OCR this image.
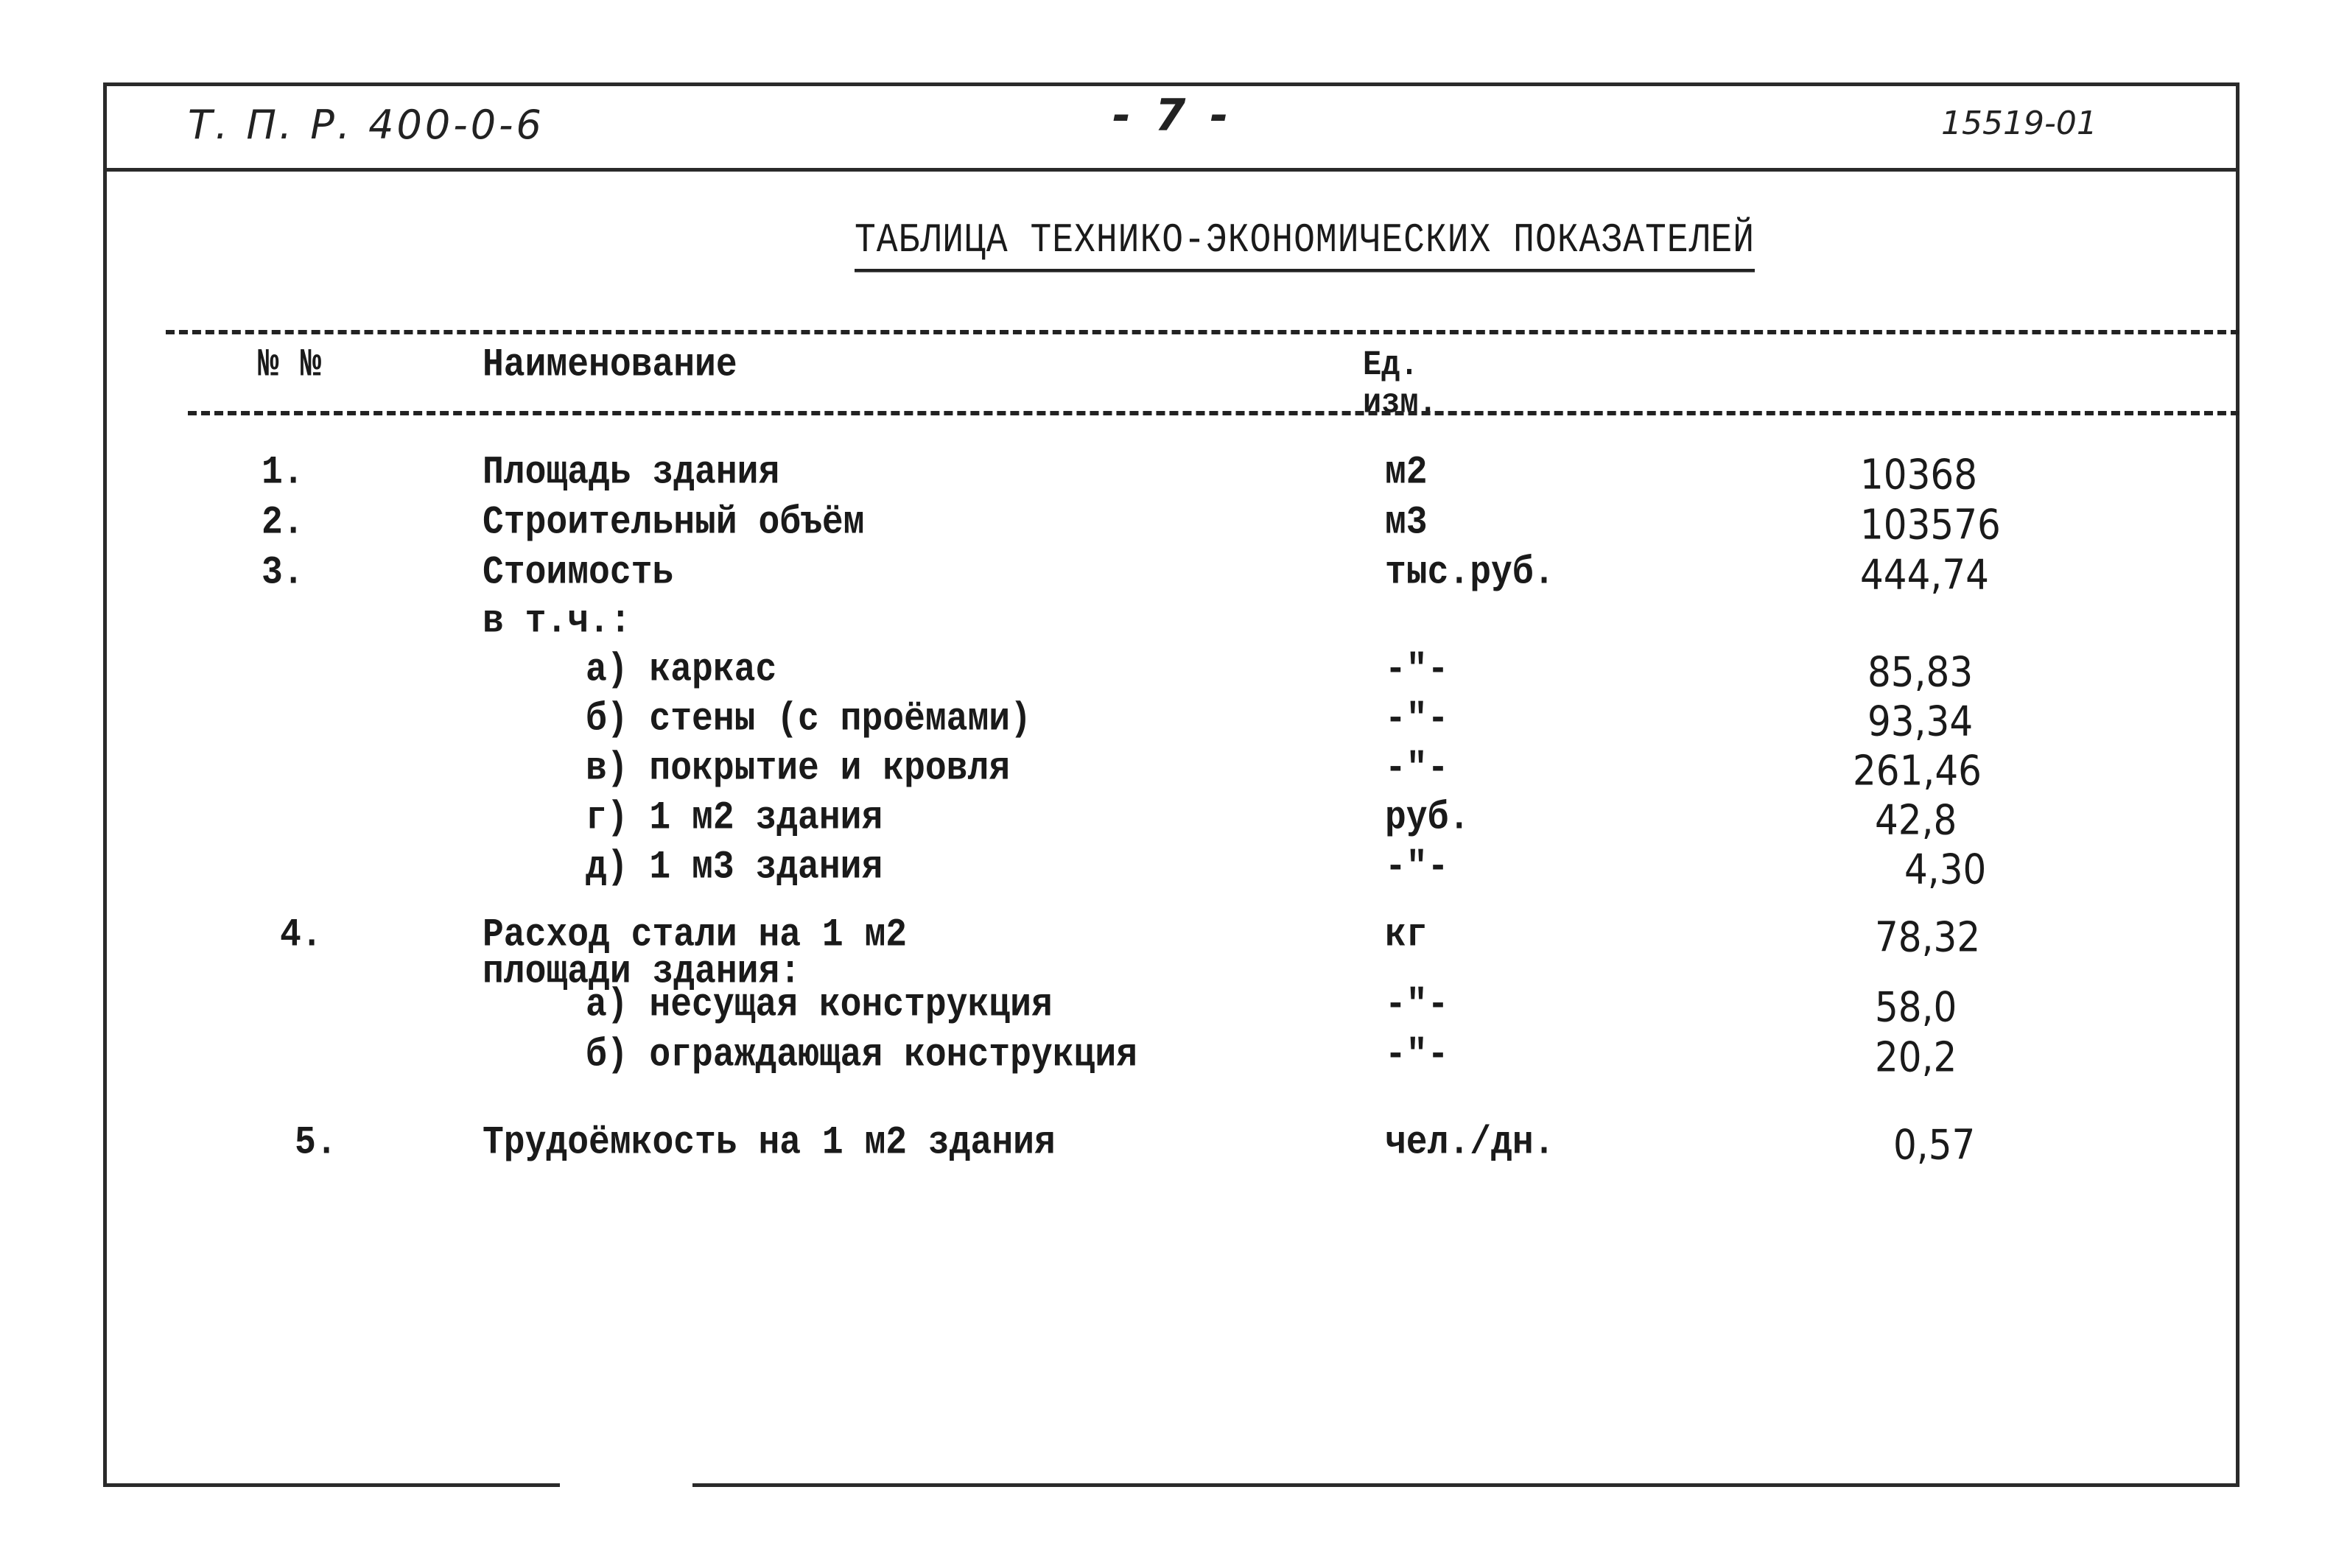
Т. П. Р. 400-0-6	- 7 -	15519-01
ТАБЛИЦА ТЕХНИКО-ЭКОНОМИЧЕСКИХ ПОКАЗАТЕЛЕЙ
№ №	Наименование	Ед.
изм.
1.	Площадь здания	м2	10368
2.	Строительный объём	м3	103576
3.	Стоимость	тыс.руб.	444,74
в т.ч.:
а) каркас	-"-	85,83
б) стены (с проёмами)	-"-	93,34
в) покрытие и кровля	-"-	261,46
г) 1 м2 здания	руб.	42,8
д) 1 м3 здания	-"-	4,30
4.	Расход стали на 1 м2	кг	78,32
площади здания:
а) несущая конструкция	-"-	58,0
б) ограждающая конструкция	-"-	20,2
5.	Трудоёмкость на 1 м2 здания	чел./дн.	0,57
